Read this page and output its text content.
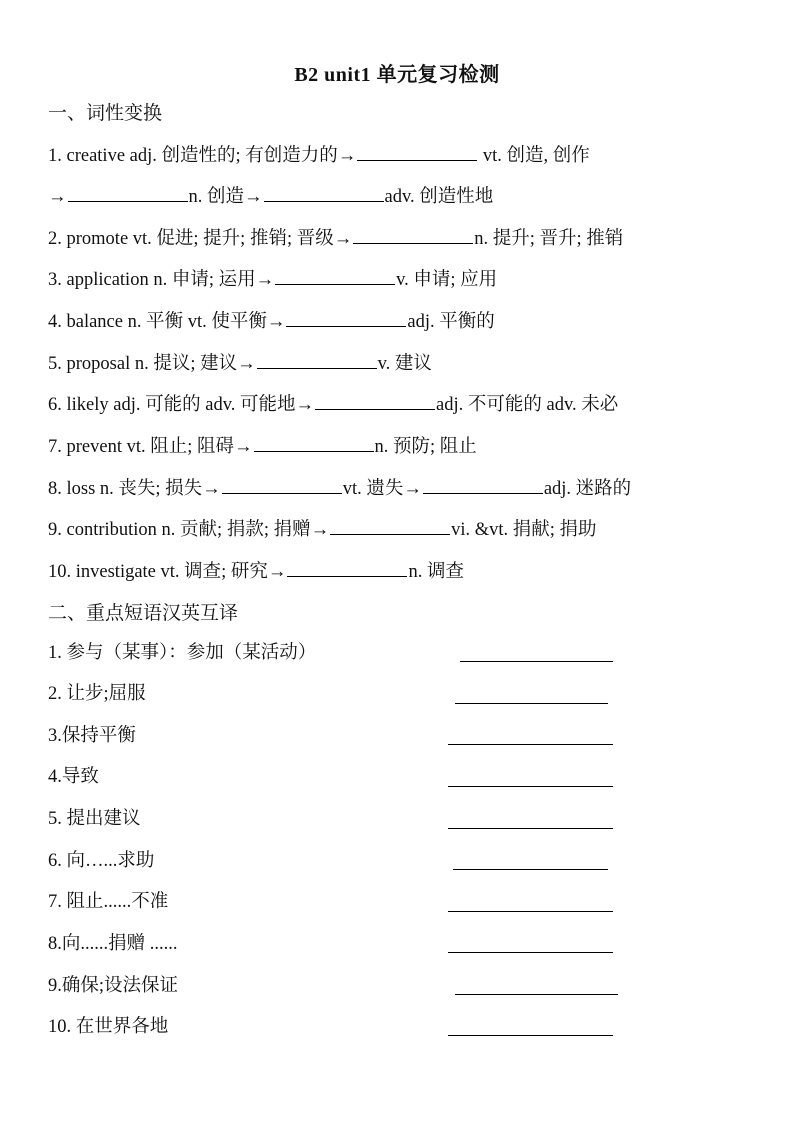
B2 unit1 单元复习检测
一、词性变换
1. creative adj. 创造性的; 有创造力的→	vt. 创造, 创作
→	n. 创造→	adv. 创造性地
2. promote vt. 促进; 提升; 推销; 晋级→	n. 提升; 晋升; 推销
3. application n. 申请; 运用→	v. 申请; 应用
4. balance n. 平衡 vt. 使平衡→	adj. 平衡的
5. proposal n. 提议; 建议→	v. 建议
6. likely adj. 可能的 adv. 可能地→	adj. 不可能的 adv. 未必
7. prevent vt. 阻止; 阻碍→	n. 预防; 阻止
8. loss n. 丧失; 损失→	vt. 遗失→	adj. 迷路的
9. contribution n. 贡献; 捐款; 捐赠→	vi. &vt. 捐献; 捐助
10. investigate vt. 调查; 研究→	n. 调查
二、重点短语汉英互译
1. 参与（某事）：参加（某活动）
2. 让步;屈服
3.保持平衡
4.导致
5. 提出建议
6. 向…...求助
7. 阻止......不准
8.向......捐赠 ......
9.确保;设法保证
10. 在世界各地
